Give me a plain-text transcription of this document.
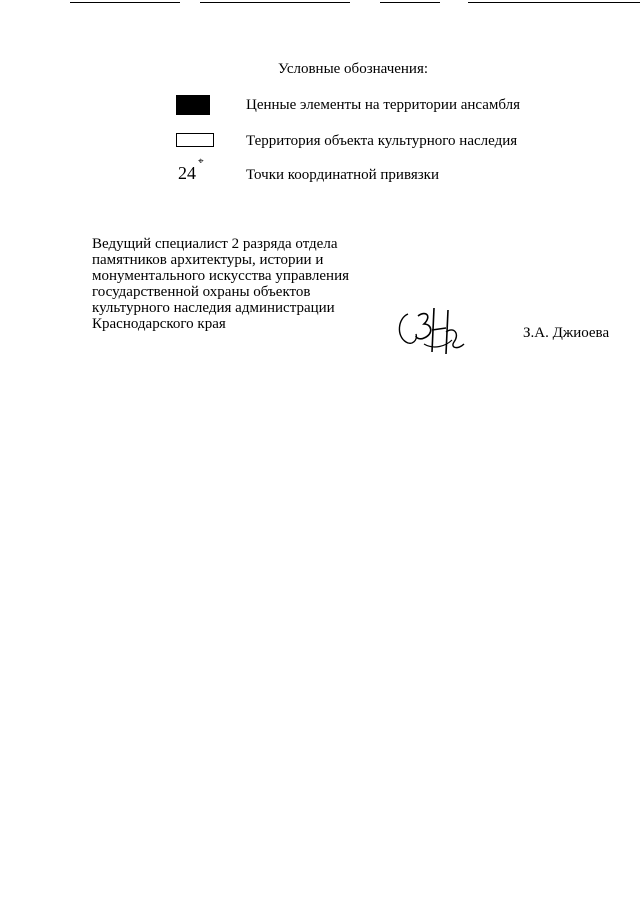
Условные обозначения:
Ценные элементы на территории ансамбля
Территория объекта культурного наследия
24
⌖
Точки координатной привязки
Ведущий специалист 2 разряда отдела
памятников архитектуры, истории и
монументального искусства управления
государственной охраны объектов
культурного наследия администрации
Краснодарского края
З.А. Джиоева
